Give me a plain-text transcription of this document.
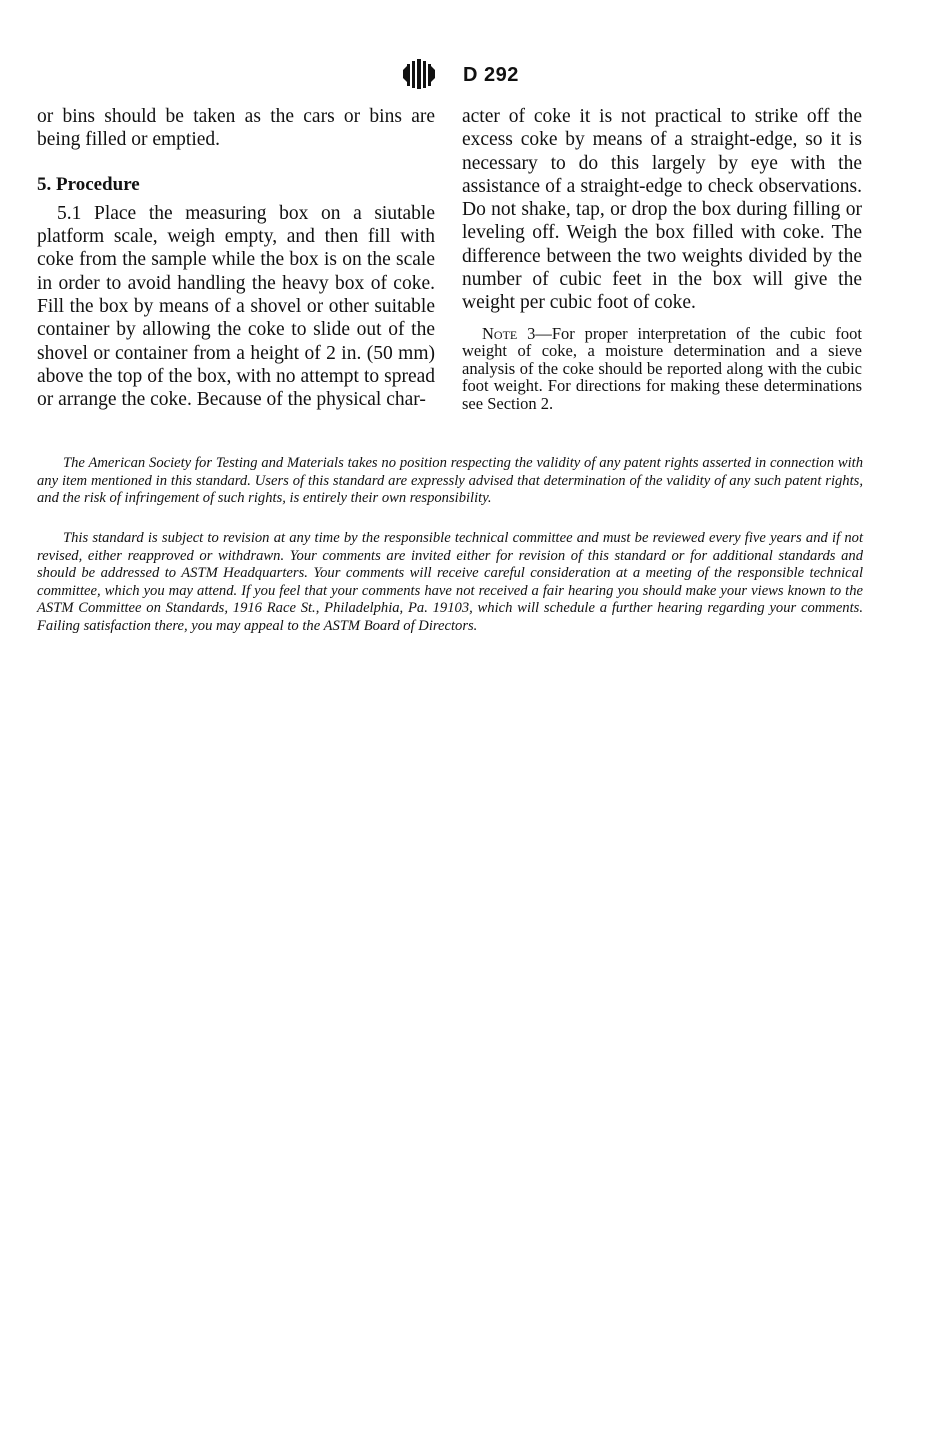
D 292

or bins should be taken as the cars or bins are being filled or emptied.

5. Procedure

5.1 Place the measuring box on a siutable platform scale, weigh empty, and then fill with coke from the sample while the box is on the scale in order to avoid handling the heavy box of coke. Fill the box by means of a shovel or other suitable container by allowing the coke to slide out of the shovel or container from a height of 2 in. (50 mm) above the top of the box, with no attempt to spread or arrange the coke. Because of the physical char-

acter of coke it is not practical to strike off the excess coke by means of a straight-edge, so it is necessary to do this largely by eye with the assistance of a straight-edge to check observations. Do not shake, tap, or drop the box during filling or leveling off. Weigh the box filled with coke. The difference between the two weights divided by the number of cubic feet in the box will give the weight per cubic foot of coke.

Note 3—For proper interpretation of the cubic foot weight of coke, a moisture determination and a sieve analysis of the coke should be reported along with the cubic foot weight. For directions for making these determinations see Section 2.

The American Society for Testing and Materials takes no position respecting the validity of any patent rights asserted in connection with any item mentioned in this standard. Users of this standard are expressly advised that determination of the validity of any such patent rights, and the risk of infringement of such rights, is entirely their own responsibility.

This standard is subject to revision at any time by the responsible technical committee and must be reviewed every five years and if not revised, either reapproved or withdrawn. Your comments are invited either for revision of this standard or for additional standards and should be addressed to ASTM Headquarters. Your comments will receive careful consideration at a meeting of the responsible technical committee, which you may attend. If you feel that your comments have not received a fair hearing you should make your views known to the ASTM Committee on Standards, 1916 Race St., Philadelphia, Pa. 19103, which will schedule a further hearing regarding your comments. Failing satisfaction there, you may appeal to the ASTM Board of Directors.
